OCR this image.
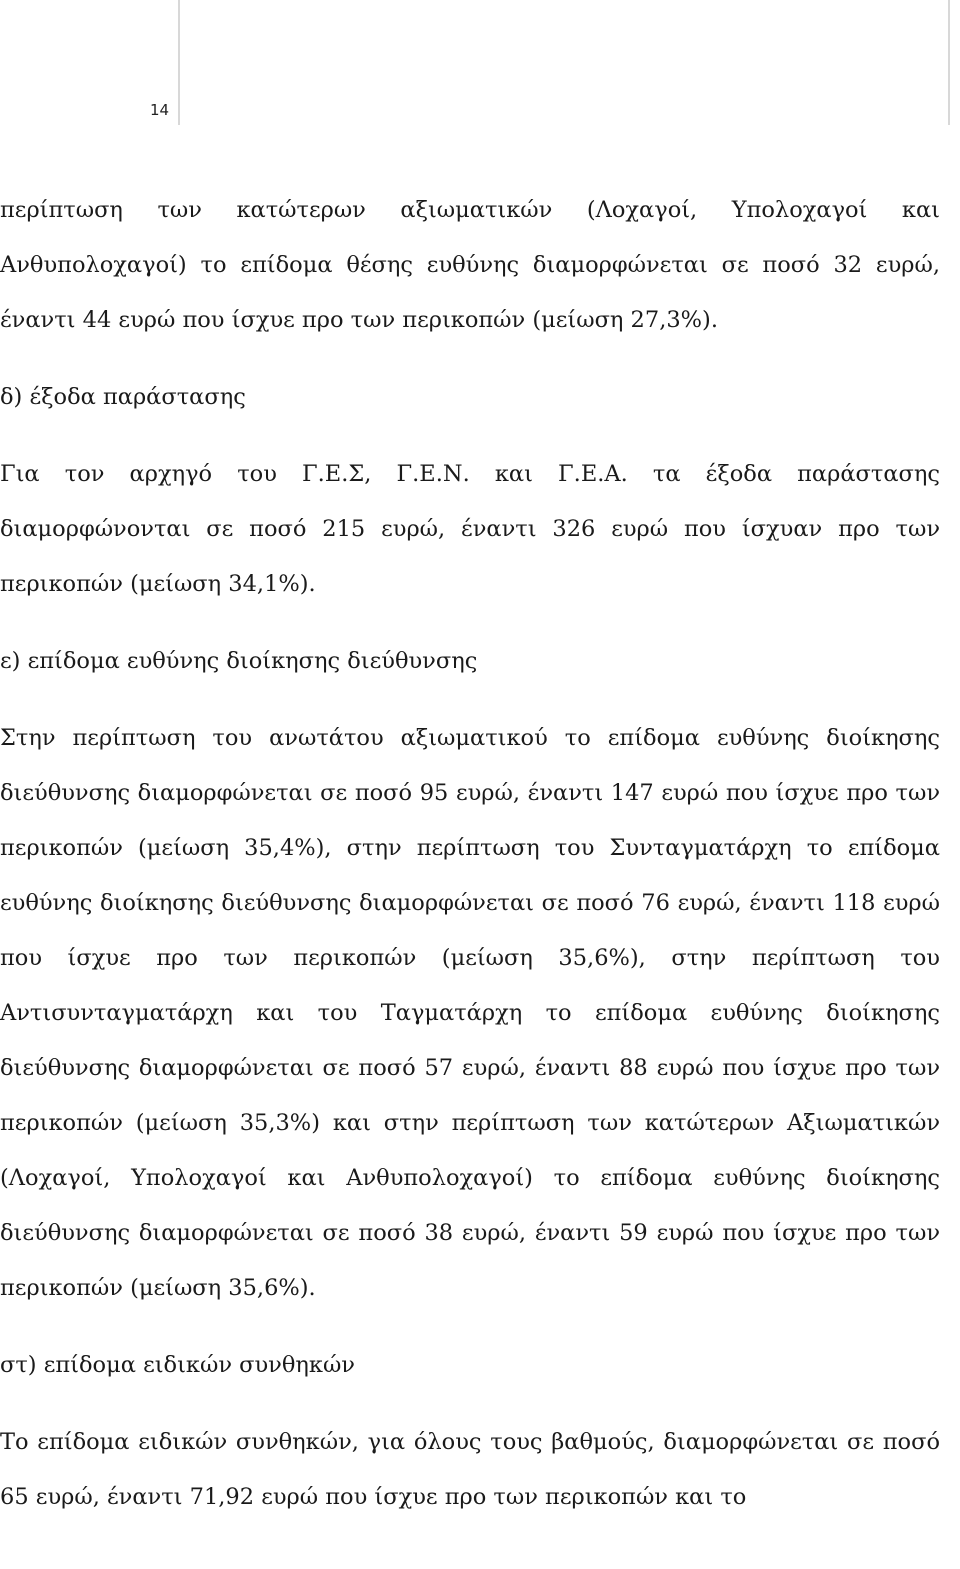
14

περίπτωση των κατώτερων αξιωματικών (Λοχαγοί, Υπολοχαγοί και Ανθυπολοχαγοί) το επίδομα θέσης ευθύνης διαμορφώνεται σε ποσό 32 ευρώ, έναντι 44 ευρώ που ίσχυε προ των περικοπών (μείωση 27,3%).

δ) έξοδα παράστασης

Για τον αρχηγό του Γ.Ε.Σ, Γ.Ε.Ν. και Γ.Ε.Α. τα έξοδα παράστασης διαμορφώνονται σε ποσό 215 ευρώ, έναντι 326 ευρώ που ίσχυαν προ των περικοπών (μείωση 34,1%).

ε) επίδομα ευθύνης διοίκησης διεύθυνσης

Στην περίπτωση του ανωτάτου αξιωματικού το επίδομα ευθύνης διοίκησης διεύθυνσης διαμορφώνεται σε ποσό 95 ευρώ, έναντι 147 ευρώ που ίσχυε προ των περικοπών (μείωση 35,4%), στην περίπτωση του Συνταγματάρχη το επίδομα ευθύνης διοίκησης διεύθυνσης διαμορφώνεται σε ποσό 76 ευρώ, έναντι 118 ευρώ που ίσχυε προ των περικοπών (μείωση 35,6%), στην περίπτωση του Αντισυνταγματάρχη και του Ταγματάρχη το επίδομα ευθύνης διοίκησης διεύθυνσης διαμορφώνεται σε ποσό 57 ευρώ, έναντι 88 ευρώ που ίσχυε προ των περικοπών (μείωση 35,3%) και στην περίπτωση των κατώτερων Αξιωματικών (Λοχαγοί, Υπολοχαγοί και Ανθυπολοχαγοί) το επίδομα ευθύνης διοίκησης διεύθυνσης διαμορφώνεται σε ποσό 38 ευρώ, έναντι 59 ευρώ που ίσχυε προ των περικοπών (μείωση 35,6%).

στ) επίδομα ειδικών συνθηκών

Το επίδομα ειδικών συνθηκών, για όλους τους βαθμούς, διαμορφώνεται σε ποσό 65 ευρώ, έναντι 71,92 ευρώ που ίσχυε προ των περικοπών και το
